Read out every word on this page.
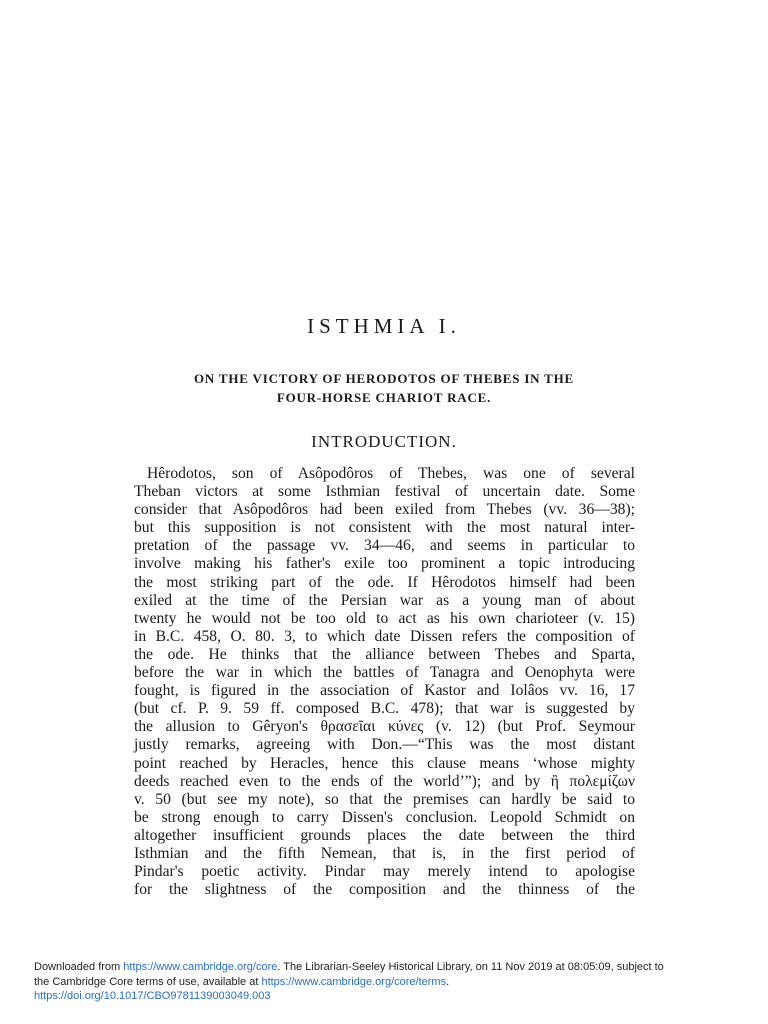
ISTHMIA I.
ON THE VICTORY OF HERODOTOS OF THEBES IN THE
FOUR-HORSE CHARIOT RACE.
INTRODUCTION.
Hêrodotos, son of Asôpodôros of Thebes, was one of several
Theban victors at some Isthmian festival of uncertain date. Some
consider that Asôpodôros had been exiled from Thebes (vv. 36—38);
but this supposition is not consistent with the most natural inter-
pretation of the passage vv. 34—46, and seems in particular to
involve making his father's exile too prominent a topic introducing
the most striking part of the ode. If Hêrodotos himself had been
exiled at the time of the Persian war as a young man of about
twenty he would not be too old to act as his own charioteer (v. 15)
in B.C. 458, O. 80. 3, to which date Dissen refers the composition of
the ode. He thinks that the alliance between Thebes and Sparta,
before the war in which the battles of Tanagra and Oenophyta were
fought, is figured in the association of Kastor and Iolâos vv. 16, 17
(but cf. P. 9. 59 ff. composed B.C. 478); that war is suggested by
the allusion to Gêryon's θρασεῖαι κύνες (v. 12) (but Prof. Seymour
justly remarks, agreeing with Don.—“This was the most distant
point reached by Heracles, hence this clause means ‘whose mighty
deeds reached even to the ends of the world’”); and by ἢ πολεμίζων
v. 50 (but see my note), so that the premises can hardly be said to
be strong enough to carry Dissen's conclusion. Leopold Schmidt on
altogether insufficient grounds places the date between the third
Isthmian and the fifth Nemean, that is, in the first period of
Pindar's poetic activity. Pindar may merely intend to apologise
for the slightness of the composition and the thinness of the
Downloaded from https://www.cambridge.org/core. The Librarian-Seeley Historical Library, on 11 Nov 2019 at 08:05:09, subject to
the Cambridge Core terms of use, available at https://www.cambridge.org/core/terms.
https://doi.org/10.1017/CBO9781139003049.003
